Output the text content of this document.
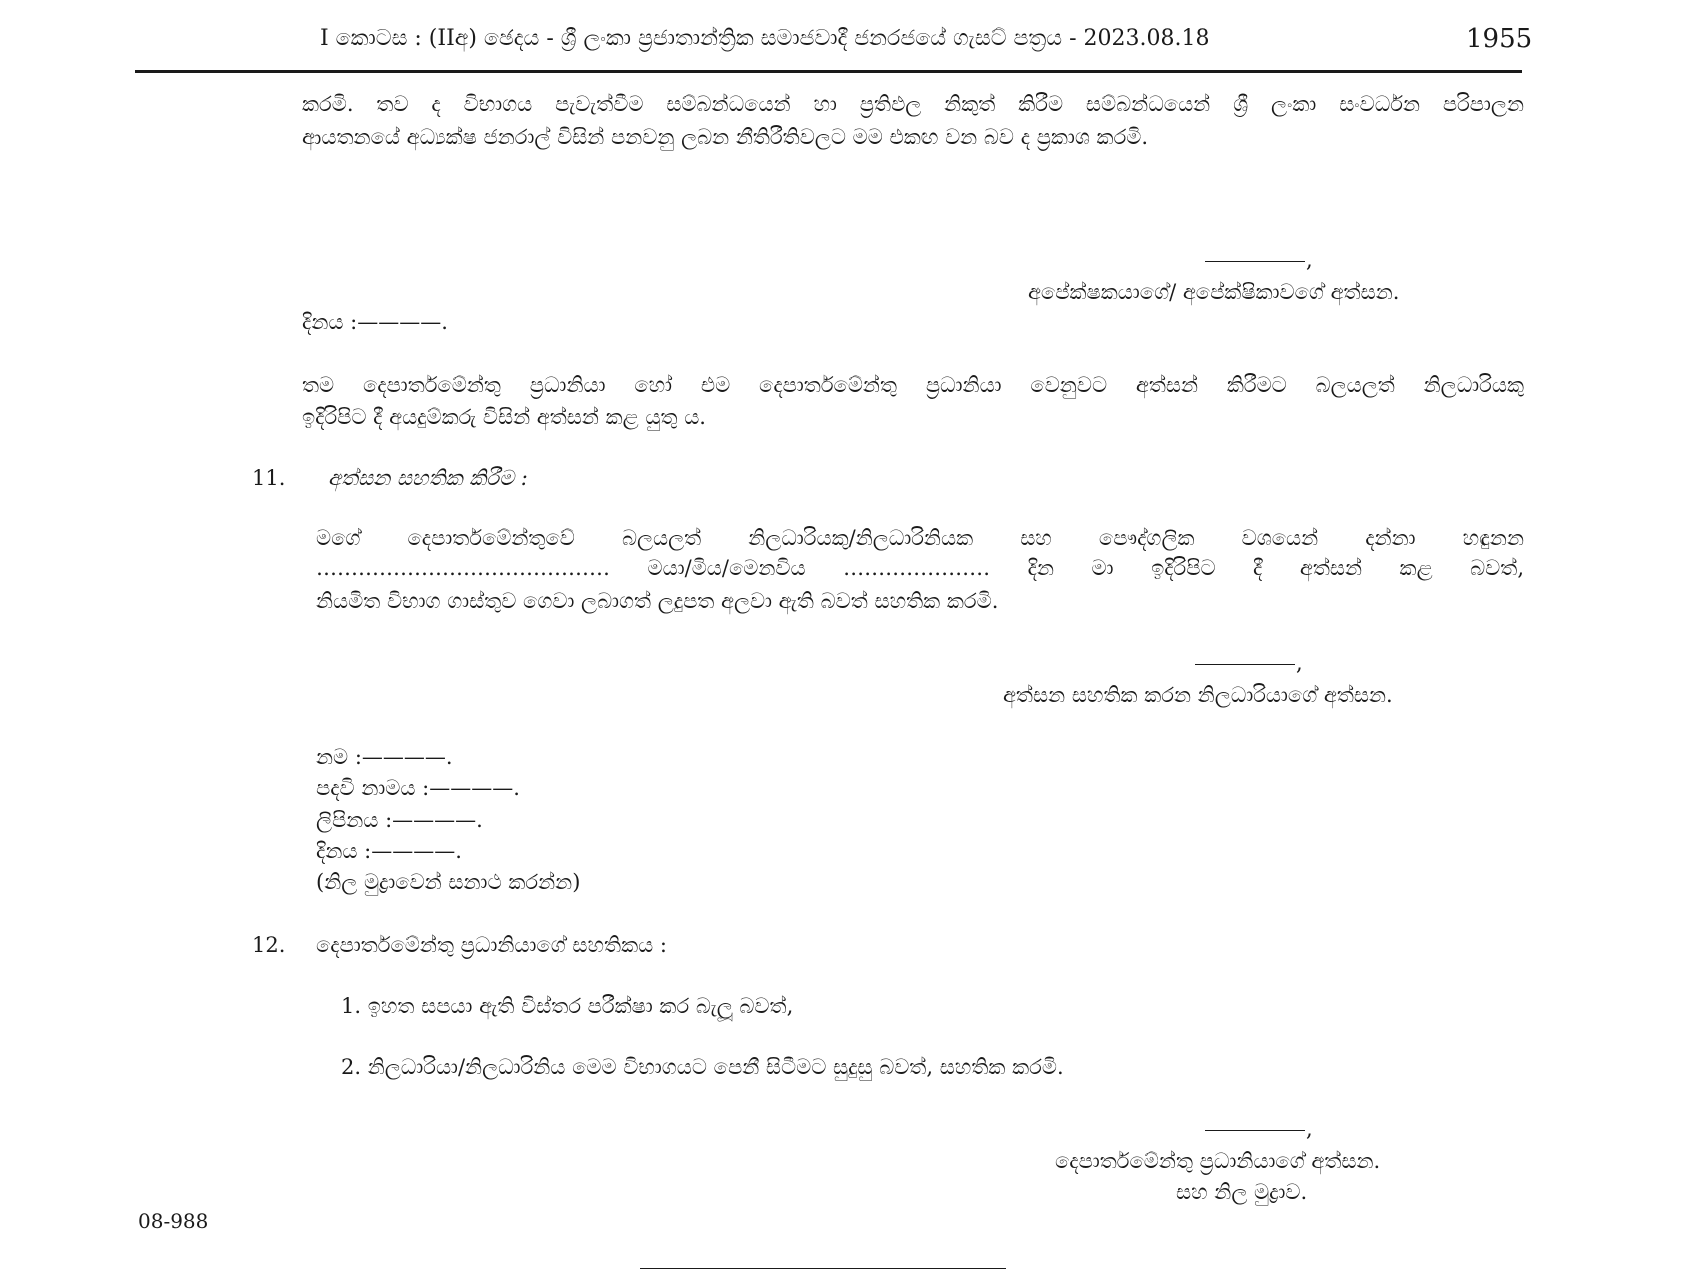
I කොටස : (IIඅ) ඡෙදය - ශ්‍රී ලංකා ප්‍රජාතාන්ත්‍රික සමාජවාදී ජනරජයේ ගැසට් පත්‍රය - 2023.08.18	1955
කරමි. තව ද විභාගය පැවැත්වීම සම්බන්ධයෙන් හා ප්‍රතිඵල නිකුත් කිරීම සම්බන්ධයෙන් ශ්‍රී ලංකා සංවර්ධන පරිපාලන
ආයතනයේ අධ්‍යක්ෂ ජනරාල් විසින් පනවනු ලබන නීතිරීතිවලට මම එකඟ වන බව ද ප්‍රකාශ කරමි.
,
අපේක්ෂකයාගේ/ අපේක්ෂිකාවගේ අත්සන.
දිනය :————.
තම දෙපාර්තමේන්තු ප්‍රධානියා හෝ එම දෙපාර්තමේන්තු ප්‍රධානියා වෙනුවට අත්සන් කිරීමට බලයලත් නිලධාරියකු
ඉදිරිපිට දී අයදුම්කරු විසින් අත්සන් කළ යුතු ය.
11. අත්සන සහතික කිරීම :
මගේ දෙපාර්තමේන්තුවේ බලයලත් නිලධාරියකු/නිලධාරිනියක සහ පෞද්ගලික වශයෙන් දන්නා හඳුනන
…………………………………… මයා/මිය/මෙනවිය ………………… දින මා ඉදිරිපිට දී අත්සන් කළ බවත්,
නියමිත විභාග ගාස්තුව ගෙවා ලබාගත් ලදුපත අලවා ඇති බවත් සහතික කරමි.
,
අත්සන සහතික කරන නිලධාරියාගේ අත්සන.
නම :————.
පදවි නාමය :————.
ලිපිනය :————.
දිනය :————.
(නිල මුද්‍රාවෙන් සනාථ කරන්න)
12. දෙපාර්තමේන්තු ප්‍රධානියාගේ සහතිකය :
1. ඉහත සපයා ඇති විස්තර පරීක්ෂා කර බැලූ බවත්,
2. නිලධාරියා/නිලධාරිනිය මෙම විභාගයට පෙනී සිටීමට සුදුසු බවත්, සහතික කරමි.
,
දෙපාර්තමේන්තු ප්‍රධානියාගේ අත්සන.
සහ නිල මුද්‍රාව.
08-988
